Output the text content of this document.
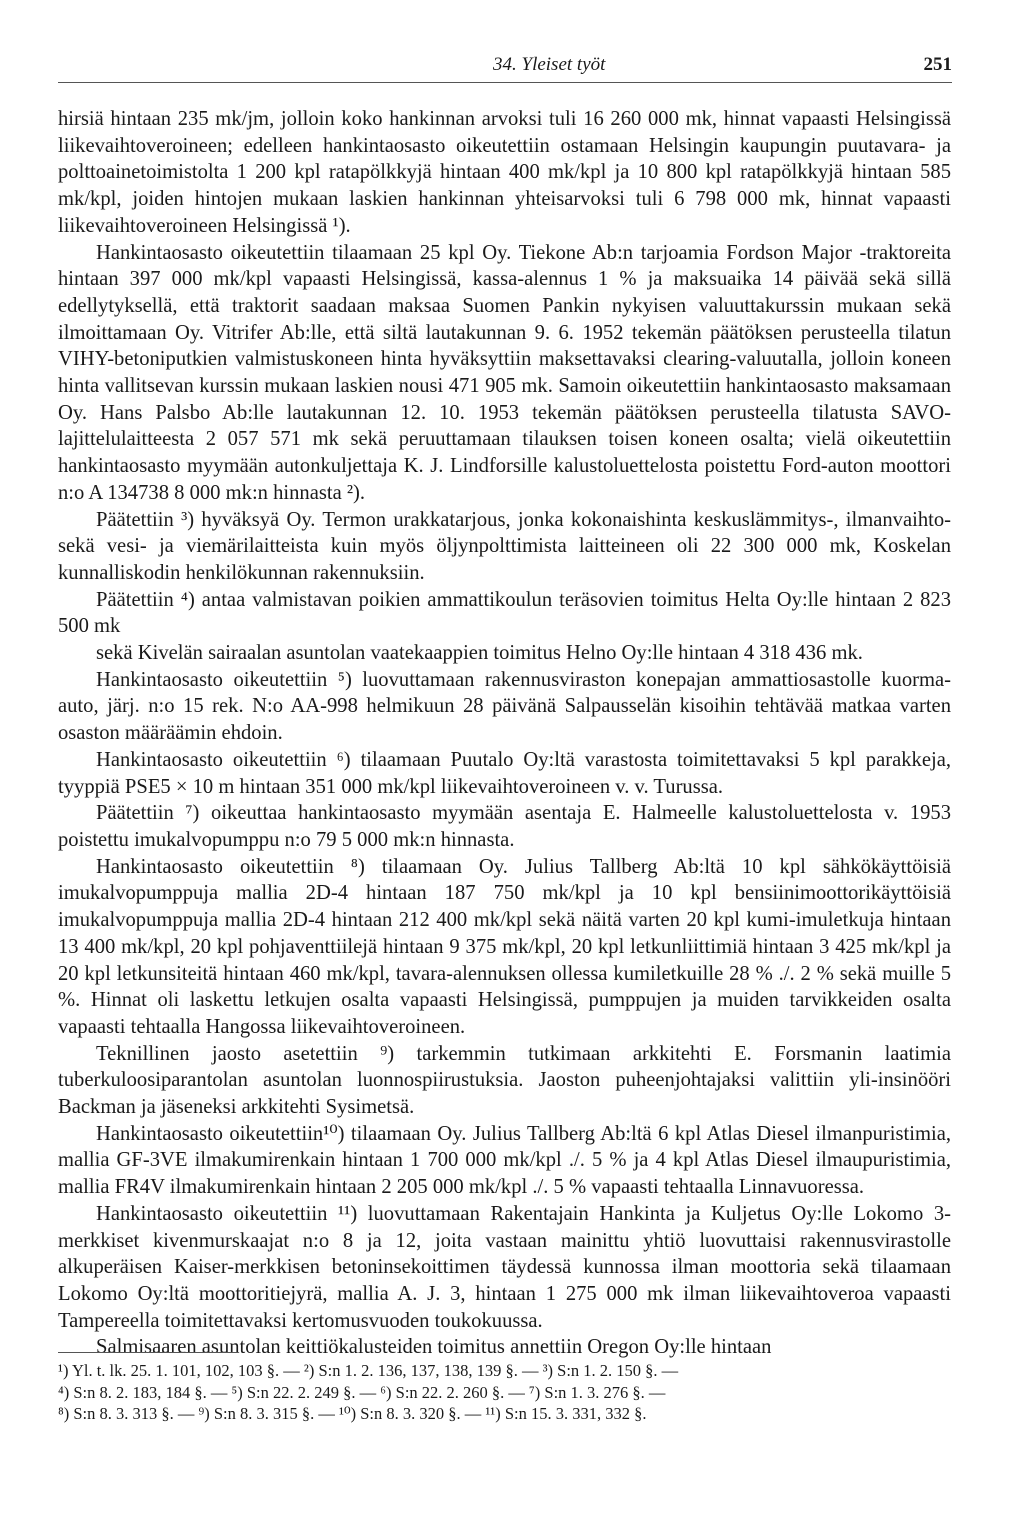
34. Yleiset työt	251

hirsiä hintaan 235 mk/jm, jolloin koko hankinnan arvoksi tuli 16 260 000 mk, hinnat vapaasti Helsingissä liikevaihtoveroineen; edelleen hankintaosasto oikeutettiin ostamaan Helsingin kaupungin puutavara- ja polttoainetoimistolta 1 200 kpl ratapölkkyjä hintaan 400 mk/kpl ja 10 800 kpl ratapölkkyjä hintaan 585 mk/kpl, joiden hintojen mukaan laskien hankinnan yhteisarvoksi tuli 6 798 000 mk, hinnat vapaasti liikevaihtoveroineen Helsingissä ¹).

Hankintaosasto oikeutettiin tilaamaan 25 kpl Oy. Tiekone Ab:n tarjoamia Fordson Major -traktoreita hintaan 397 000 mk/kpl vapaasti Helsingissä, kassa-alennus 1 % ja maksuaika 14 päivää sekä sillä edellytyksellä, että traktorit saadaan maksaa Suomen Pankin nykyisen valuuttakurssin mukaan sekä ilmoittamaan Oy. Vitrifer Ab:lle, että siltä lautakunnan 9. 6. 1952 tekemän päätöksen perusteella tilatun VIHY-betoniputkien valmistuskoneen hinta hyväksyttiin maksettavaksi clearing-valuutalla, jolloin koneen hinta vallitsevan kurssin mukaan laskien nousi 471 905 mk. Samoin oikeutettiin hankintaosasto maksamaan Oy. Hans Palsbo Ab:lle lautakunnan 12. 10. 1953 tekemän päätöksen perusteella tilatusta SAVO-lajittelulaitteesta 2 057 571 mk sekä peruuttamaan tilauksen toisen koneen osalta; vielä oikeutettiin hankintaosasto myymään autonkuljettaja K. J. Lindforsille kalustoluettelosta poistettu Ford-auton moottori n:o A 134738 8 000 mk:n hinnasta ²).

Päätettiin ³) hyväksyä Oy. Termon urakkatarjous, jonka kokonaishinta keskuslämmitys-, ilmanvaihto- sekä vesi- ja viemärilaitteista kuin myös öljynpolttimista laitteineen oli 22 300 000 mk, Koskelan kunnalliskodin henkilökunnan rakennuksiin.

Päätettiin ⁴) antaa valmistavan poikien ammattikoulun teräsovien toimitus Helta Oy:lle hintaan 2 823 500 mk

sekä Kivelän sairaalan asuntolan vaatekaappien toimitus Helno Oy:lle hintaan 4 318 436 mk.

Hankintaosasto oikeutettiin ⁵) luovuttamaan rakennusviraston konepajan ammattiosastolle kuorma-auto, järj. n:o 15 rek. N:o AA-998 helmikuun 28 päivänä Salpausselän kisoihin tehtävää matkaa varten osaston määräämin ehdoin.

Hankintaosasto oikeutettiin ⁶) tilaamaan Puutalo Oy:ltä varastosta toimitettavaksi 5 kpl parakkeja, tyyppiä PSE5 × 10 m hintaan 351 000 mk/kpl liikevaihtoveroineen v. v. Turussa.

Päätettiin ⁷) oikeuttaa hankintaosasto myymään asentaja E. Halmeelle kalustoluettelosta v. 1953 poistettu imukalvopumppu n:o 79 5 000 mk:n hinnasta.

Hankintaosasto oikeutettiin ⁸) tilaamaan Oy. Julius Tallberg Ab:ltä 10 kpl sähkökäyttöisiä imukalvopumppuja mallia 2D-4 hintaan 187 750 mk/kpl ja 10 kpl bensiinimoottorikäyttöisiä imukalvopumppuja mallia 2D-4 hintaan 212 400 mk/kpl sekä näitä varten 20 kpl kumi-imuletkuja hintaan 13 400 mk/kpl, 20 kpl pohjaventtiilejä hintaan 9 375 mk/kpl, 20 kpl letkunliittimiä hintaan 3 425 mk/kpl ja 20 kpl letkunsiteitä hintaan 460 mk/kpl, tavara-alennuksen ollessa kumiletkuille 28 % ./. 2 % sekä muille 5 %. Hinnat oli laskettu letkujen osalta vapaasti Helsingissä, pumppujen ja muiden tarvikkeiden osalta vapaasti tehtaalla Hangossa liikevaihtoveroineen.

Teknillinen jaosto asetettiin ⁹) tarkemmin tutkimaan arkkitehti E. Forsmanin laatimia tuberkuloosiparantolan asuntolan luonnospiirustuksia. Jaoston puheenjohtajaksi valittiin yli-insinööri Backman ja jäseneksi arkkitehti Sysimetsä.

Hankintaosasto oikeutettiin¹⁰) tilaamaan Oy. Julius Tallberg Ab:ltä 6 kpl Atlas Diesel ilmanpuristimia, mallia GF-3VE ilmakumirenkain hintaan 1 700 000 mk/kpl ./. 5 % ja 4 kpl Atlas Diesel ilmaupuristimia, mallia FR4V ilmakumirenkain hintaan 2 205 000 mk/kpl ./. 5 % vapaasti tehtaalla Linnavuoressa.

Hankintaosasto oikeutettiin ¹¹) luovuttamaan Rakentajain Hankinta ja Kuljetus Oy:lle Lokomo 3-merkkiset kivenmurskaajat n:o 8 ja 12, joita vastaan mainittu yhtiö luovuttaisi rakennusvirastolle alkuperäisen Kaiser-merkkisen betoninsekoittimen täydessä kunnossa ilman moottoria sekä tilaamaan Lokomo Oy:ltä moottoritiejyrä, mallia A. J. 3, hintaan 1 275 000 mk ilman liikevaihtoveroa vapaasti Tampereella toimitettavaksi kertomusvuoden toukokuussa.

Salmisaaren asuntolan keittiökalusteiden toimitus annettiin Oregon Oy:lle hintaan

¹) Yl. t. lk. 25. 1. 101, 102, 103 §. — ²) S:n 1. 2. 136, 137, 138, 139 §. — ³) S:n 1. 2. 150 §. —

⁴) S:n 8. 2. 183, 184 §. — ⁵) S:n 22. 2. 249 §. — ⁶) S:n 22. 2. 260 §. — ⁷) S:n 1. 3. 276 §. —

⁸) S:n 8. 3. 313 §. — ⁹) S:n 8. 3. 315 §. — ¹⁰) S:n 8. 3. 320 §. — ¹¹) S:n 15. 3. 331, 332 §.
